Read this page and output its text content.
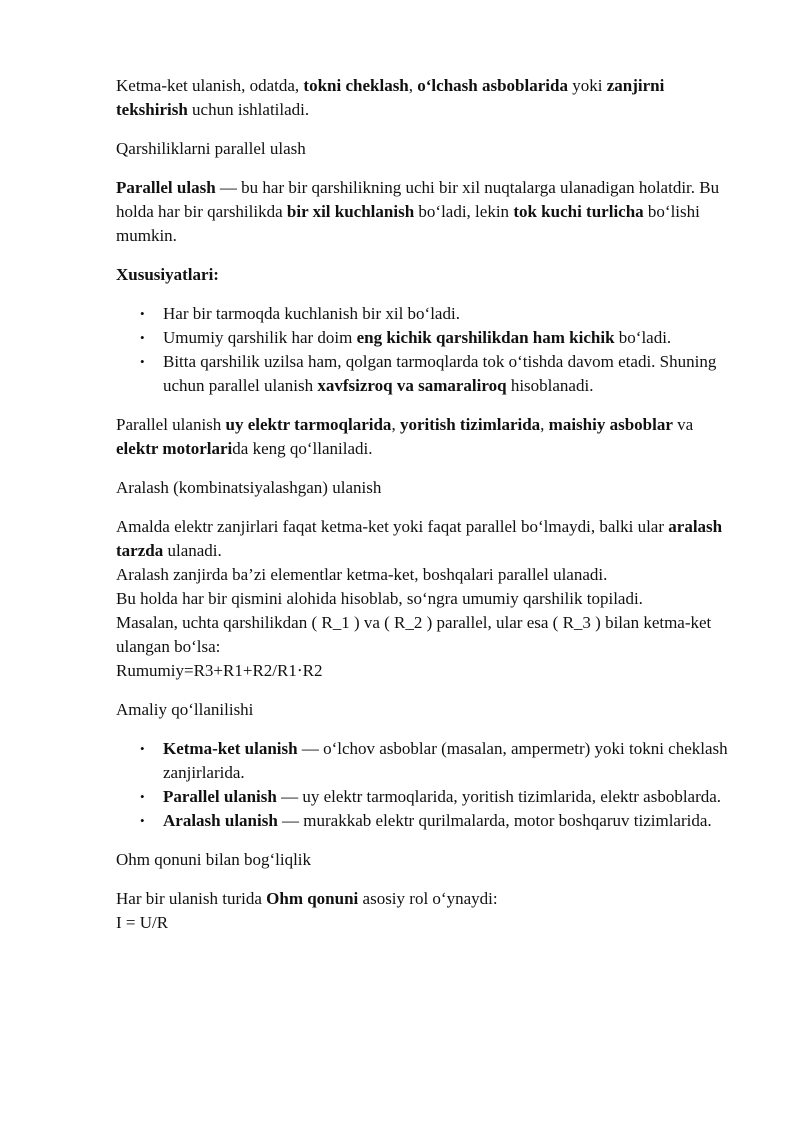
Ketma-ket ulanish, odatda, tokni cheklash, o‘lchash asboblarida yoki zanjirni tekshirish uchun ishlatiladi.

Qarshiliklarni parallel ulash

Parallel ulash — bu har bir qarshilikning uchi bir xil nuqtalarga ulanadigan holatdir. Bu holda har bir qarshilikda bir xil kuchlanish bo‘ladi, lekin tok kuchi turlicha bo‘lishi mumkin.

Xususiyatlari:

• Har bir tarmoqda kuchlanish bir xil bo‘ladi.
• Umumiy qarshilik har doim eng kichik qarshilikdan ham kichik bo‘ladi.
• Bitta qarshilik uzilsa ham, qolgan tarmoqlarda tok o‘tishda davom etadi. Shuning uchun parallel ulanish xavfsizroq va samaraliroq hisoblanadi.

Parallel ulanish uy elektr tarmoqlarida, yoritish tizimlarida, maishiy asboblar va elektr motorlarida keng qo‘llaniladi.

Aralash (kombinatsiyalashgan) ulanish

Amalda elektr zanjirlari faqat ketma-ket yoki faqat parallel bo‘lmaydi, balki ular aralash tarzda ulanadi.
Aralash zanjirda ba’zi elementlar ketma-ket, boshqalari parallel ulanadi.
Bu holda har bir qismini alohida hisoblab, so‘ngra umumiy qarshilik topiladi.
Masalan, uchta qarshilikdan ( R_1 ) va ( R_2 ) parallel, ular esa ( R_3 ) bilan ketma-ket ulangan bo‘lsa:
Rumumiy=R3+R1+R2/R1⋅R2

Amaliy qo‘llanilishi

• Ketma-ket ulanish — o‘lchov asboblar (masalan, ampermetr) yoki tokni cheklash zanjirlarida.
• Parallel ulanish — uy elektr tarmoqlarida, yoritish tizimlarida, elektr asboblarda.
• Aralash ulanish — murakkab elektr qurilmalarda, motor boshqaruv tizimlarida.

Ohm qonuni bilan bog‘liqlik

Har bir ulanish turida Ohm qonuni asosiy rol o‘ynaydi:
I = U/R
